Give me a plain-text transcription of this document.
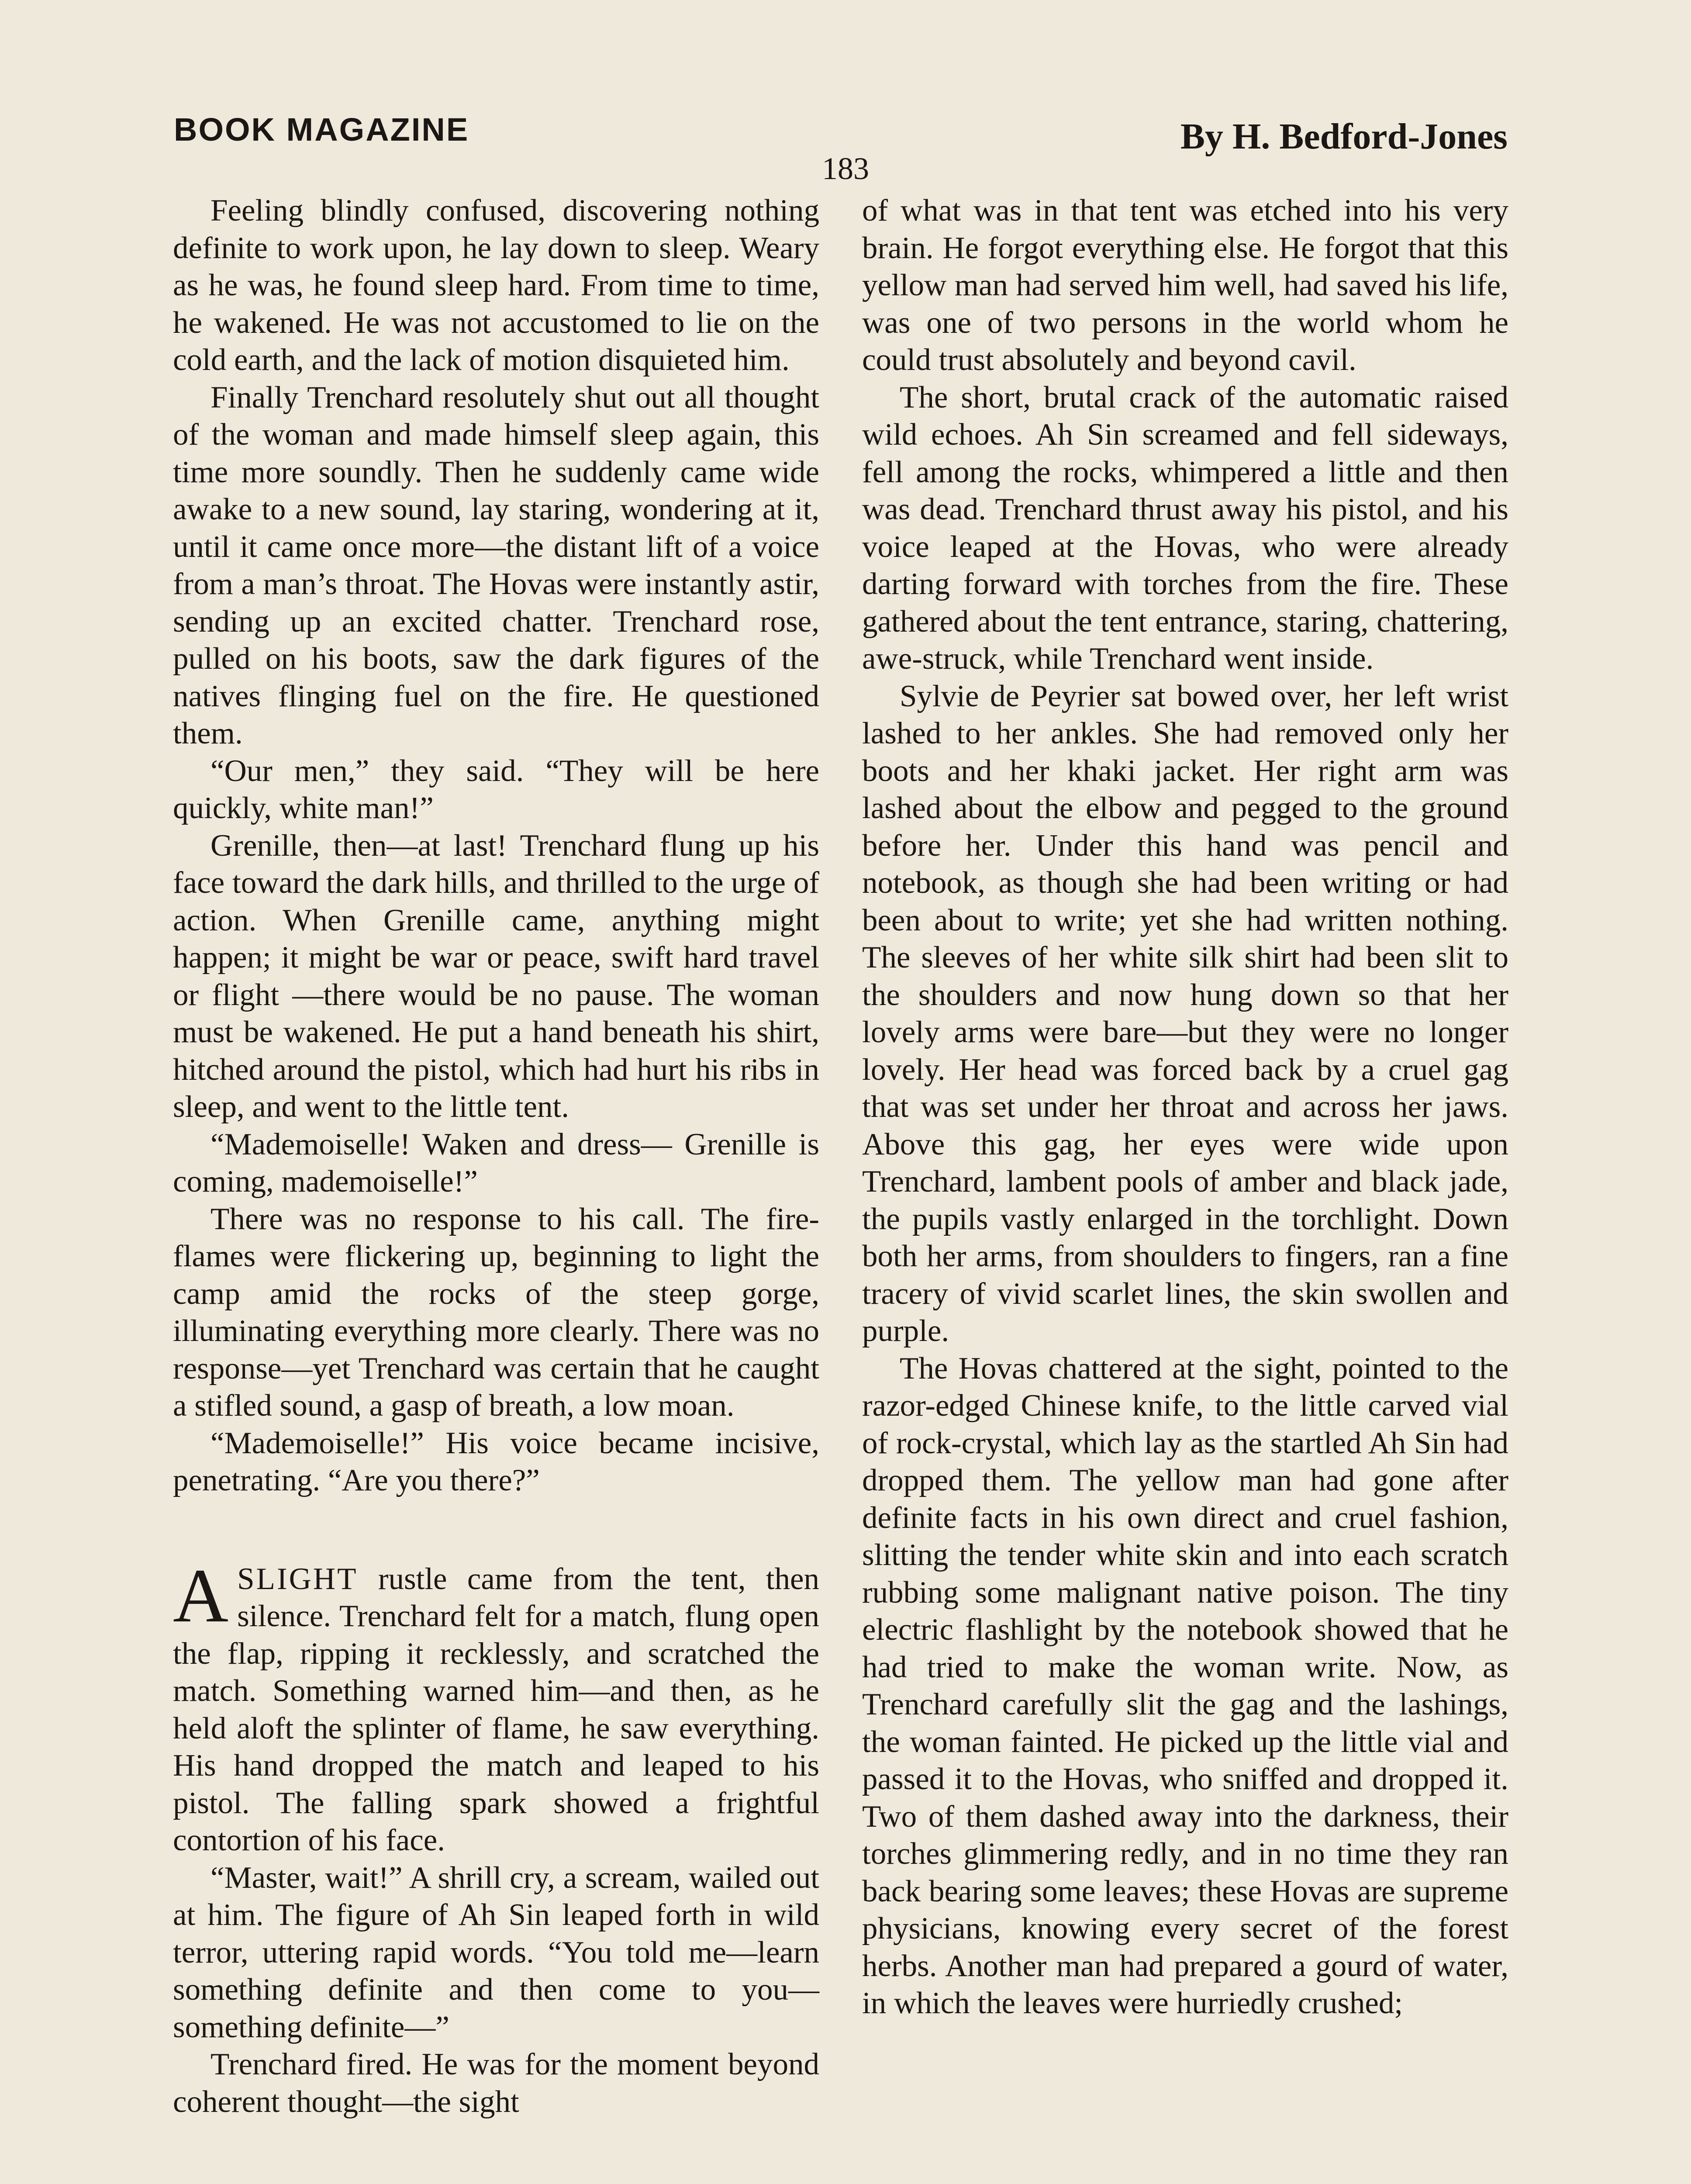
BOOK MAGAZINE	By H. Bedford-Jones
183

Feeling blindly confused, discovering nothing definite to work upon, he lay down to sleep. Weary as he was, he found sleep hard. From time to time, he wakened. He was not accustomed to lie on the cold earth, and the lack of motion disquieted him.

Finally Trenchard resolutely shut out all thought of the woman and made himself sleep again, this time more soundly. Then he suddenly came wide awake to a new sound, lay staring, wondering at it, until it came once more—the distant lift of a voice from a man’s throat. The Hovas were instantly astir, sending up an excited chatter. Trenchard rose, pulled on his boots, saw the dark figures of the natives flinging fuel on the fire. He questioned them.

“Our men,” they said. “They will be here quickly, white man!”

Grenille, then—at last! Trenchard flung up his face toward the dark hills, and thrilled to the urge of action. When Grenille came, anything might happen; it might be war or peace, swift hard travel or flight —there would be no pause. The woman must be wakened. He put a hand beneath his shirt, hitched around the pistol, which had hurt his ribs in sleep, and went to the little tent.

“Mademoiselle! Waken and dress— Grenille is coming, mademoiselle!”

There was no response to his call. The fire-flames were flickering up, beginning to light the camp amid the rocks of the steep gorge, illuminating everything more clearly. There was no response—yet Trenchard was certain that he caught a stifled sound, a gasp of breath, a low moan.

“Mademoiselle!” His voice became incisive, penetrating. “Are you there?”

ASLIGHT rustle came from the tent, then silence. Trenchard felt for a match, flung open the flap, ripping it recklessly, and scratched the match. Something warned him—and then, as he held aloft the splinter of flame, he saw everything. His hand dropped the match and leaped to his pistol. The falling spark showed a frightful contortion of his face.

“Master, wait!” A shrill cry, a scream, wailed out at him. The figure of Ah Sin leaped forth in wild terror, uttering rapid words. “You told me—learn something definite and then come to you—something definite—”

Trenchard fired. He was for the moment beyond coherent thought—the sight

of what was in that tent was etched into his very brain. He forgot everything else. He forgot that this yellow man had served him well, had saved his life, was one of two persons in the world whom he could trust absolutely and beyond cavil.

The short, brutal crack of the automatic raised wild echoes. Ah Sin screamed and fell sideways, fell among the rocks, whimpered a little and then was dead. Trenchard thrust away his pistol, and his voice leaped at the Hovas, who were already darting forward with torches from the fire. These gathered about the tent entrance, staring, chattering, awe-struck, while Trenchard went inside.

Sylvie de Peyrier sat bowed over, her left wrist lashed to her ankles. She had removed only her boots and her khaki jacket. Her right arm was lashed about the elbow and pegged to the ground before her. Under this hand was pencil and notebook, as though she had been writing or had been about to write; yet she had written nothing. The sleeves of her white silk shirt had been slit to the shoulders and now hung down so that her lovely arms were bare—but they were no longer lovely. Her head was forced back by a cruel gag that was set under her throat and across her jaws. Above this gag, her eyes were wide upon Trenchard, lambent pools of amber and black jade, the pupils vastly enlarged in the torchlight. Down both her arms, from shoulders to fingers, ran a fine tracery of vivid scarlet lines, the skin swollen and purple.

The Hovas chattered at the sight, pointed to the razor-edged Chinese knife, to the little carved vial of rock-crystal, which lay as the startled Ah Sin had dropped them. The yellow man had gone after definite facts in his own direct and cruel fashion, slitting the tender white skin and into each scratch rubbing some malignant native poison. The tiny electric flashlight by the notebook showed that he had tried to make the woman write. Now, as Trenchard carefully slit the gag and the lashings, the woman fainted. He picked up the little vial and passed it to the Hovas, who sniffed and dropped it. Two of them dashed away into the darkness, their torches glimmering redly, and in no time they ran back bearing some leaves; these Hovas are supreme physicians, knowing every secret of the forest herbs. Another man had prepared a gourd of water, in which the leaves were hurriedly crushed;
